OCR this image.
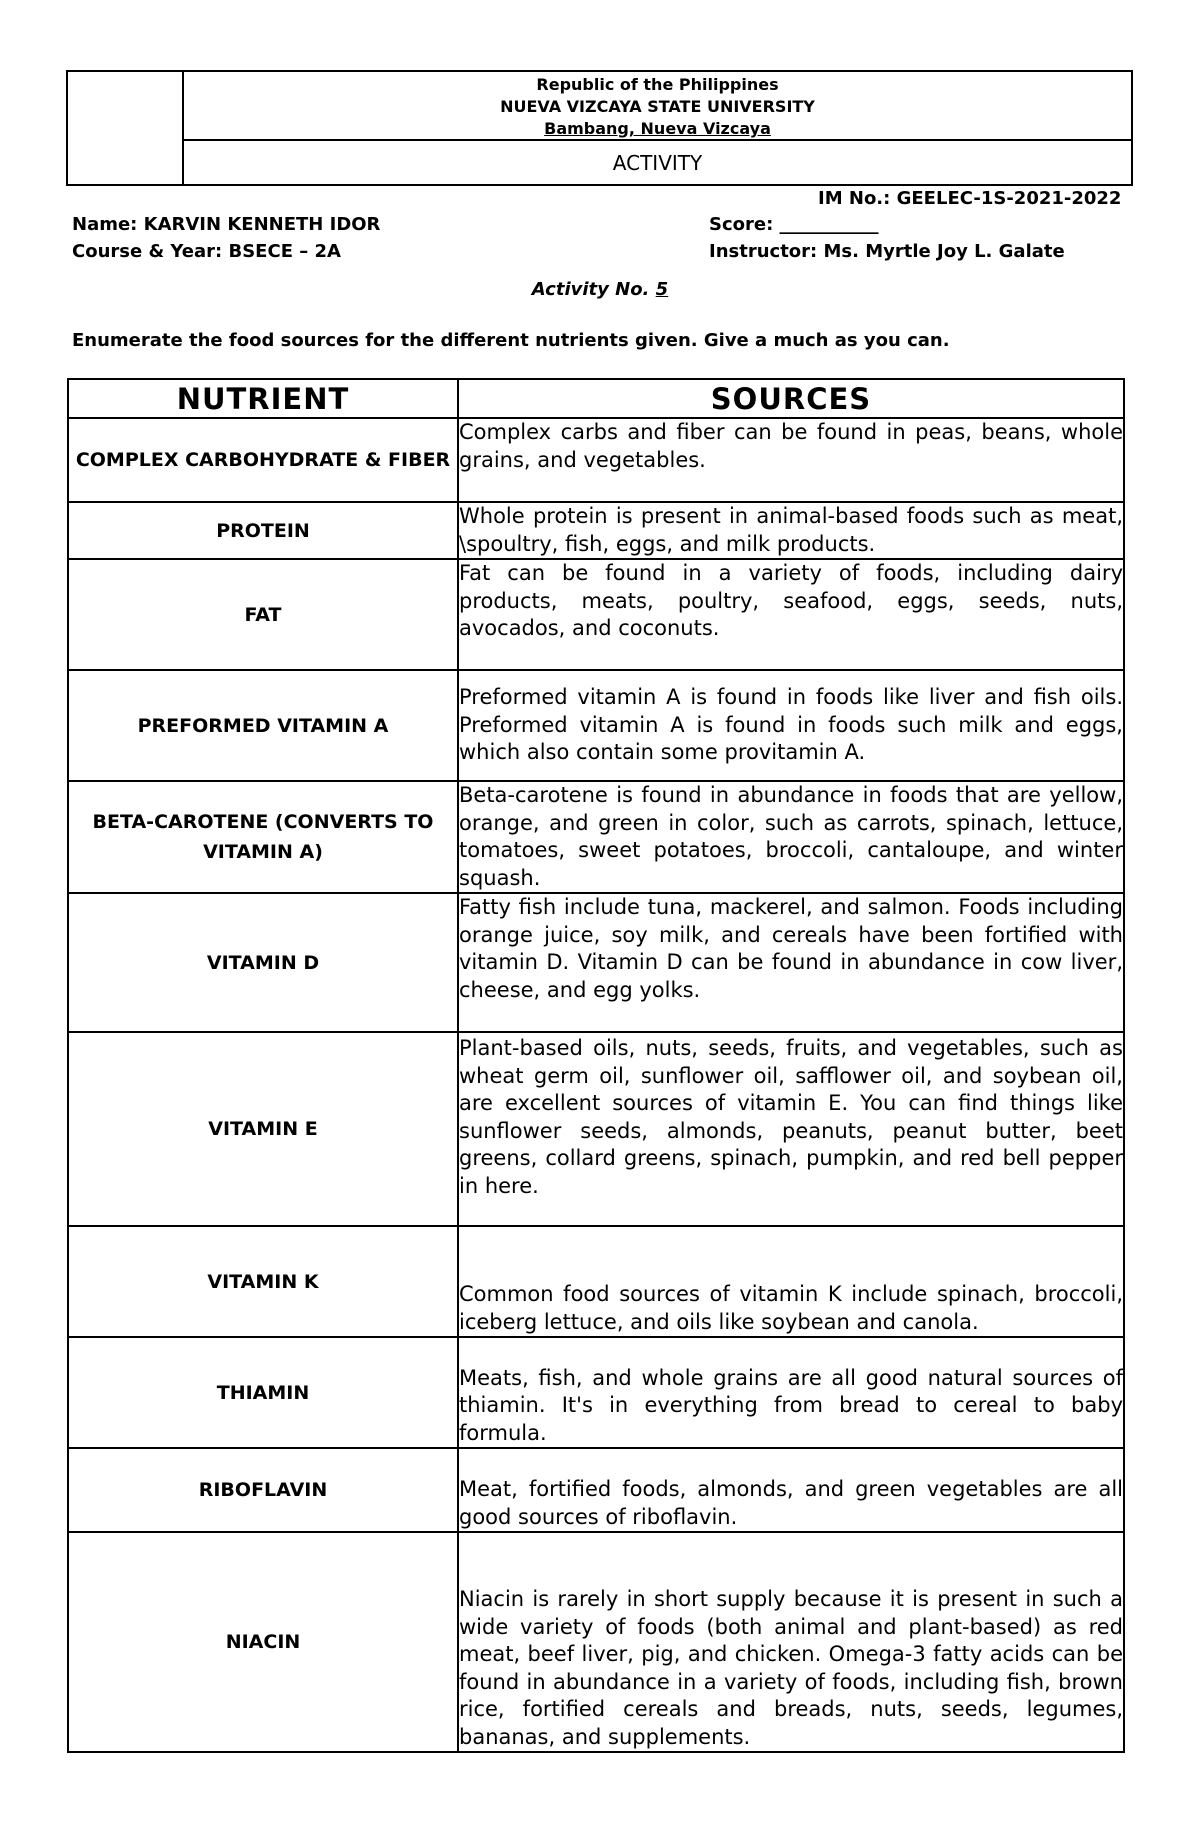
Republic of the Philippines
NUEVA VIZCAYA STATE UNIVERSITY
Bambang, Nueva Vizcaya
ACTIVITY
IM No.: GEELEC-1S-2021-2022
Name: KARVIN KENNETH IDOR
Course & Year: BSECE – 2A
Score: ___________
Instructor: Ms. Myrtle Joy L. Galate
Activity No. 5
Enumerate the food sources for the different nutrients given. Give a much as you can.
NUTRIENT	SOURCES
COMPLEX CARBOHYDRATE & FIBER	Complex carbs and fiber can be found in peas, beans, whole grains, and vegetables.
PROTEIN	Whole protein is present in animal-based foods such as meat, \spoultry, fish, eggs, and milk products.
FAT	Fat can be found in a variety of foods, including dairy products, meats, poultry, seafood, eggs, seeds, nuts, avocados, and coconuts.
PREFORMED VITAMIN A	Preformed vitamin A is found in foods like liver and fish oils. Preformed vitamin A is found in foods such milk and eggs, which also contain some provitamin A.
BETA-CAROTENE (CONVERTS TO VITAMIN A)	Beta-carotene is found in abundance in foods that are yellow, orange, and green in color, such as carrots, spinach, lettuce, tomatoes, sweet potatoes, broccoli, cantaloupe, and winter squash.
VITAMIN D	Fatty fish include tuna, mackerel, and salmon. Foods including orange juice, soy milk, and cereals have been fortified with vitamin D. Vitamin D can be found in abundance in cow liver, cheese, and egg yolks.
VITAMIN E	Plant-based oils, nuts, seeds, fruits, and vegetables, such as wheat germ oil, sunflower oil, safflower oil, and soybean oil, are excellent sources of vitamin E. You can find things like sunflower seeds, almonds, peanuts, peanut butter, beet greens, collard greens, spinach, pumpkin, and red bell pepper in here.
VITAMIN K	Common food sources of vitamin K include spinach, broccoli, iceberg lettuce, and oils like soybean and canola.
THIAMIN	Meats, fish, and whole grains are all good natural sources of thiamin. It's in everything from bread to cereal to baby formula.
RIBOFLAVIN	Meat, fortified foods, almonds, and green vegetables are all good sources of riboflavin.
NIACIN	Niacin is rarely in short supply because it is present in such a wide variety of foods (both animal and plant-based) as red meat, beef liver, pig, and chicken. Omega-3 fatty acids can be found in abundance in a variety of foods, including fish, brown rice, fortified cereals and breads, nuts, seeds, legumes, bananas, and supplements.
